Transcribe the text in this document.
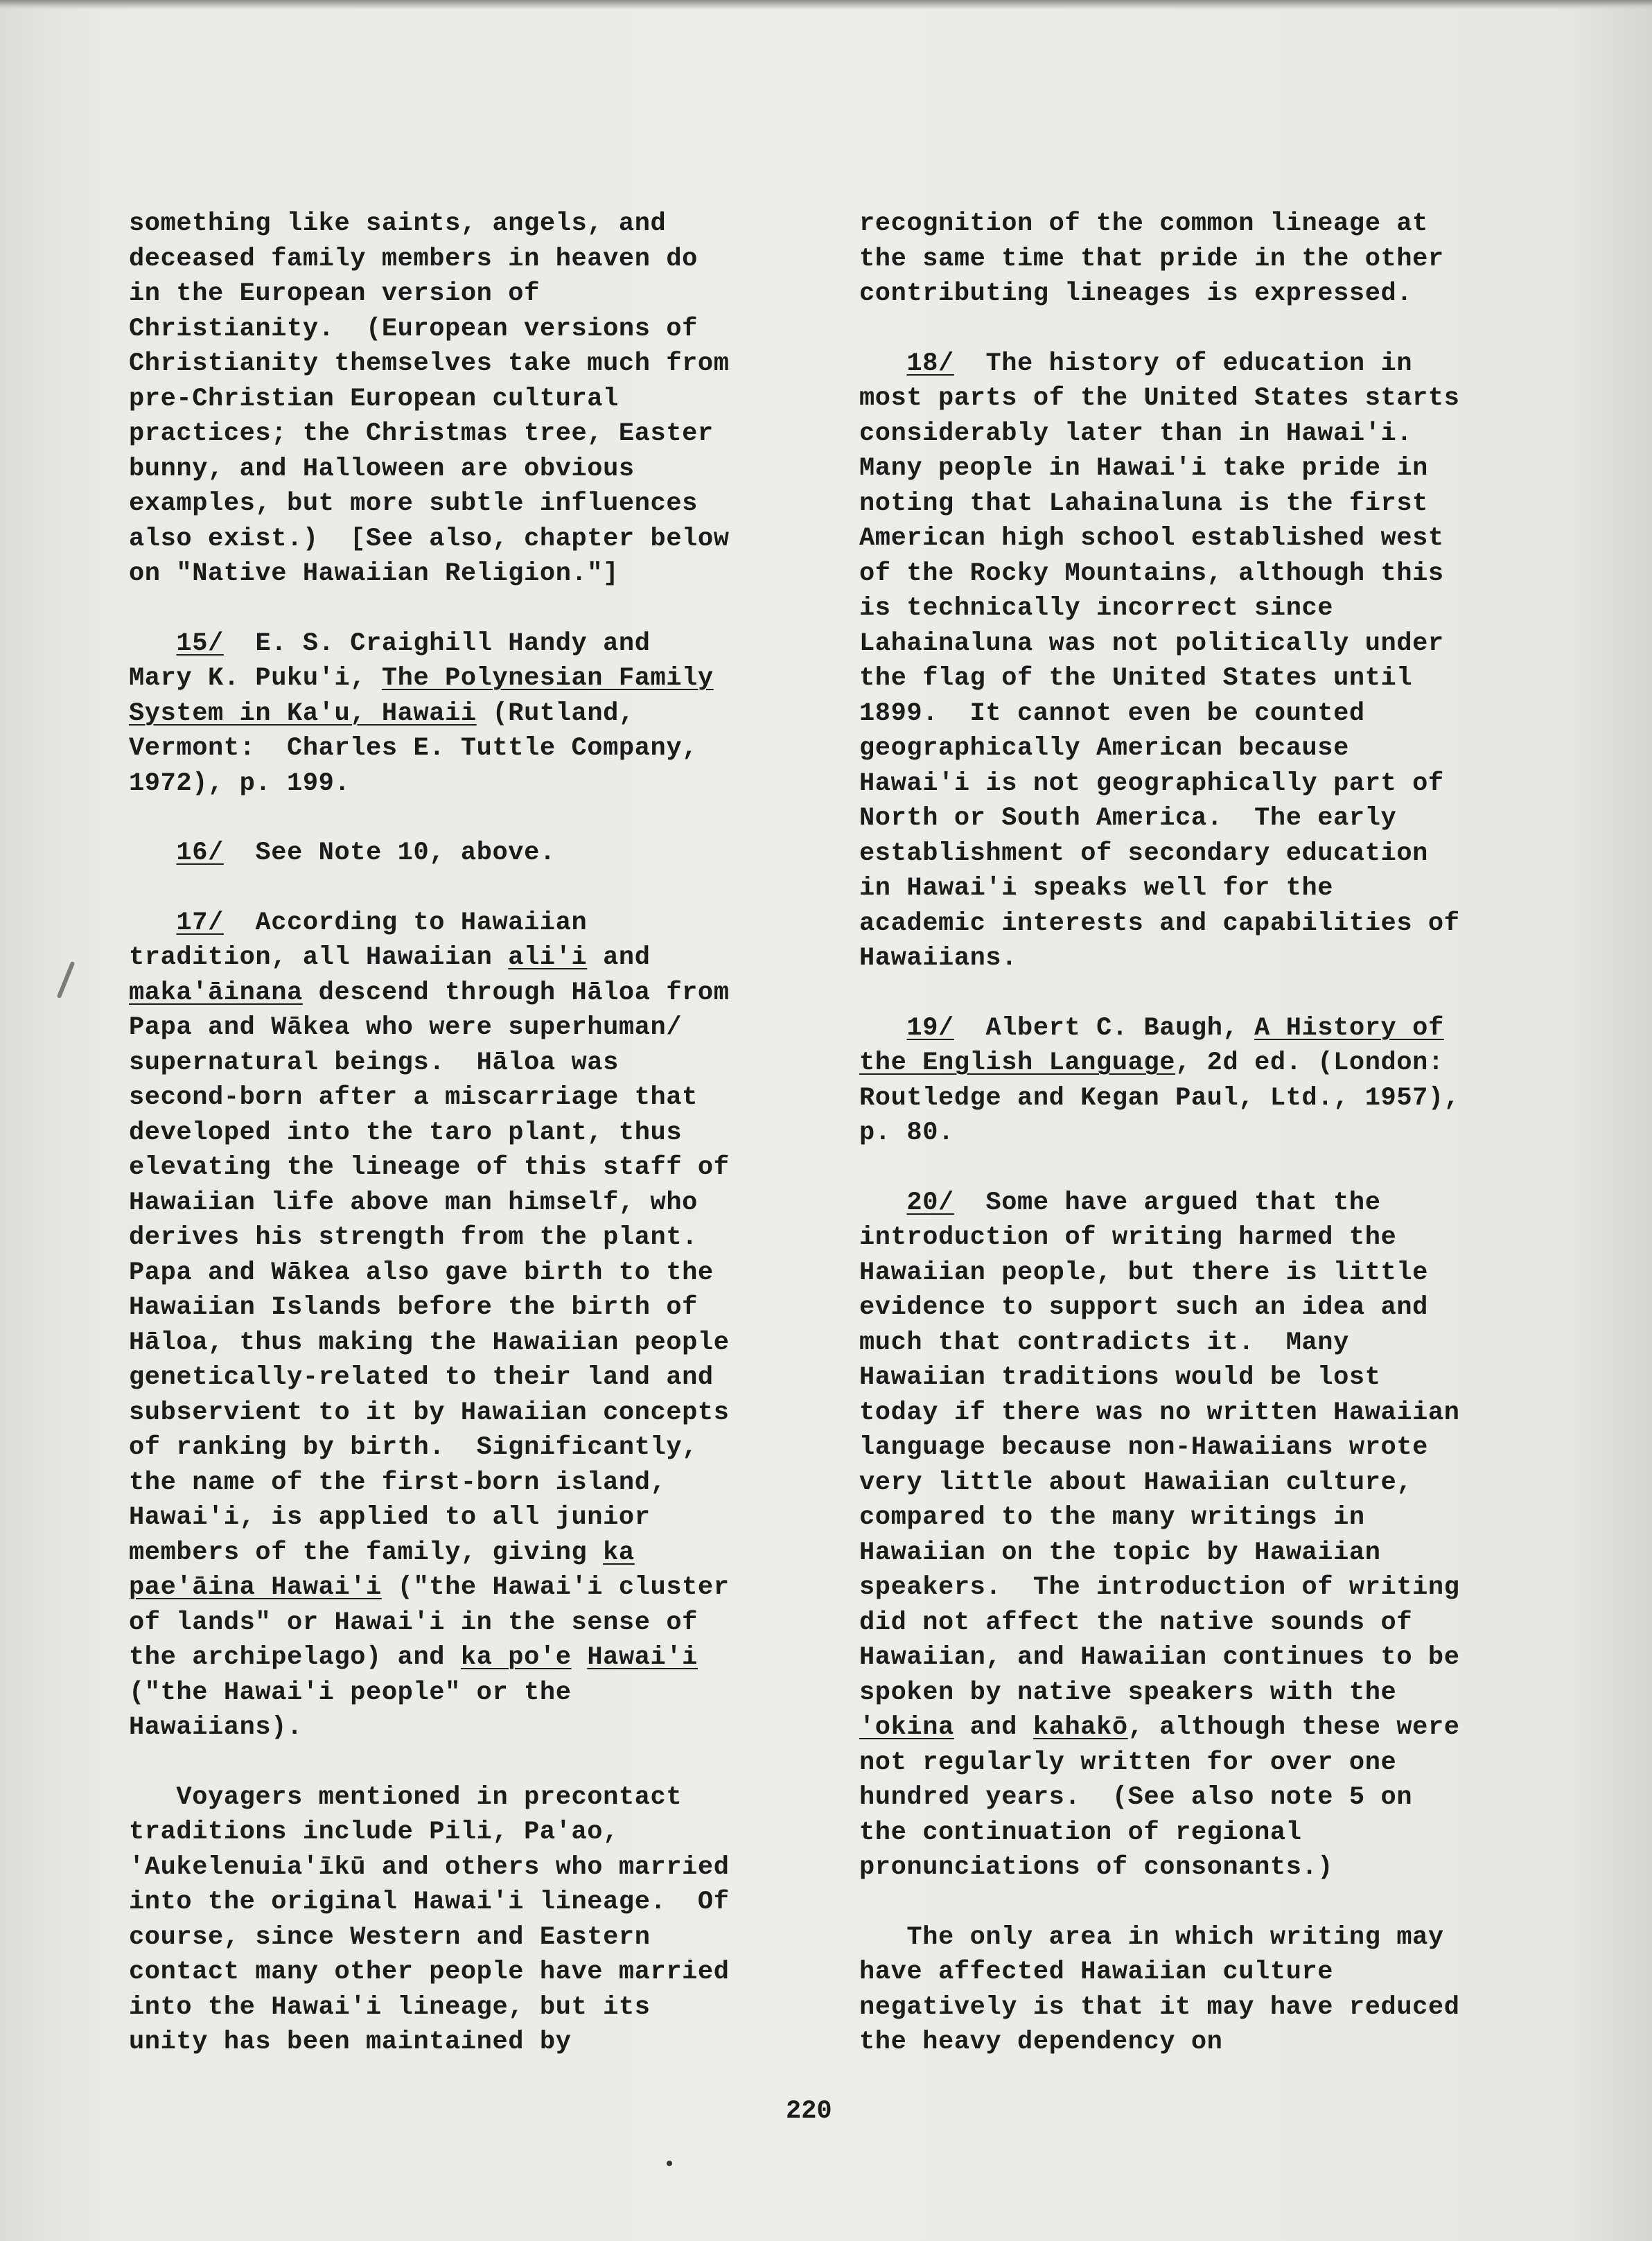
something like saints, angels, and
deceased family members in heaven do
in the European version of
Christianity.  (European versions of
Christianity themselves take much from
pre-Christian European cultural
practices; the Christmas tree, Easter
bunny, and Halloween are obvious
examples, but more subtle influences
also exist.)  [See also, chapter below
on "Native Hawaiian Religion."]
15/  E. S. Craighill Handy and
Mary K. Puku'i, The Polynesian Family
System in Ka'u, Hawaii (Rutland,
Vermont:  Charles E. Tuttle Company,
1972), p. 199.
16/  See Note 10, above.
17/  According to Hawaiian
tradition, all Hawaiian ali'i and
maka'āinana descend through Hāloa from
Papa and Wākea who were superhuman/
supernatural beings.  Hāloa was
second-born after a miscarriage that
developed into the taro plant, thus
elevating the lineage of this staff of
Hawaiian life above man himself, who
derives his strength from the plant.
Papa and Wākea also gave birth to the
Hawaiian Islands before the birth of
Hāloa, thus making the Hawaiian people
genetically-related to their land and
subservient to it by Hawaiian concepts
of ranking by birth.  Significantly,
the name of the first-born island,
Hawai'i, is applied to all junior
members of the family, giving ka
pae'āina Hawai'i ("the Hawai'i cluster
of lands" or Hawai'i in the sense of
the archipelago) and ka po'e Hawai'i
("the Hawai'i people" or the
Hawaiians).
Voyagers mentioned in precontact
traditions include Pili, Pa'ao,
'Aukelenuia'īkū and others who married
into the original Hawai'i lineage.  Of
course, since Western and Eastern
contact many other people have married
into the Hawai'i lineage, but its
unity has been maintained by
recognition of the common lineage at
the same time that pride in the other
contributing lineages is expressed.
18/  The history of education in
most parts of the United States starts
considerably later than in Hawai'i.
Many people in Hawai'i take pride in
noting that Lahainaluna is the first
American high school established west
of the Rocky Mountains, although this
is technically incorrect since
Lahainaluna was not politically under
the flag of the United States until
1899.  It cannot even be counted
geographically American because
Hawai'i is not geographically part of
North or South America.  The early
establishment of secondary education
in Hawai'i speaks well for the
academic interests and capabilities of
Hawaiians.
19/  Albert C. Baugh, A History of
the English Language, 2d ed. (London:
Routledge and Kegan Paul, Ltd., 1957),
p. 80.
20/  Some have argued that the
introduction of writing harmed the
Hawaiian people, but there is little
evidence to support such an idea and
much that contradicts it.  Many
Hawaiian traditions would be lost
today if there was no written Hawaiian
language because non-Hawaiians wrote
very little about Hawaiian culture,
compared to the many writings in
Hawaiian on the topic by Hawaiian
speakers.  The introduction of writing
did not affect the native sounds of
Hawaiian, and Hawaiian continues to be
spoken by native speakers with the
'okina and kahakō, although these were
not regularly written for over one
hundred years.  (See also note 5 on
the continuation of regional
pronunciations of consonants.)
The only area in which writing may
have affected Hawaiian culture
negatively is that it may have reduced
the heavy dependency on
220
